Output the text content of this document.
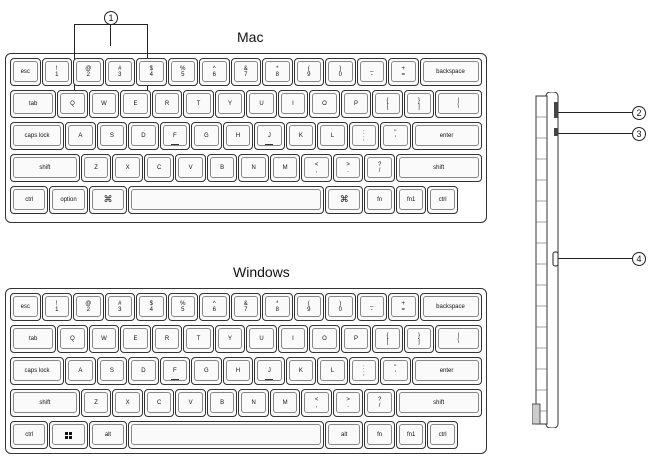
Mac
Windows
1
2
3
4
esc
!
1
@
2
#
3
$
4
%
5
^
6
&
7
*
8
(
9
)
0
_
-
+
=
backspace
tab	Q	W	E	R	T	Y	U	I	O	P
{
[
}
]
|
\
caps lock	A	S	D	F	G	H	J	K	L
:
;
"
'
enter
shift	Z	X	C	V	B	N	M
<
,
>
.
?
/
shift
ctrl	option	⌘	⌘	fn	fn1	ctrl
esc
!
1
@
2
#
3
$
4
%
5
^
6
&
7
*
8
(
9
)
0
_
-
+
=
backspace
tab	Q	W	E	R	T	Y	U	I	O	P
{
[
}
]
|
\
caps lock	A	S	D	F	G	H	J	K	L
:
;
"
'
enter
shift	Z	X	C	V	B	N	M
<
,
>
.
?
/
shift
ctrl	alt	alt	fn	fn1	ctrl
